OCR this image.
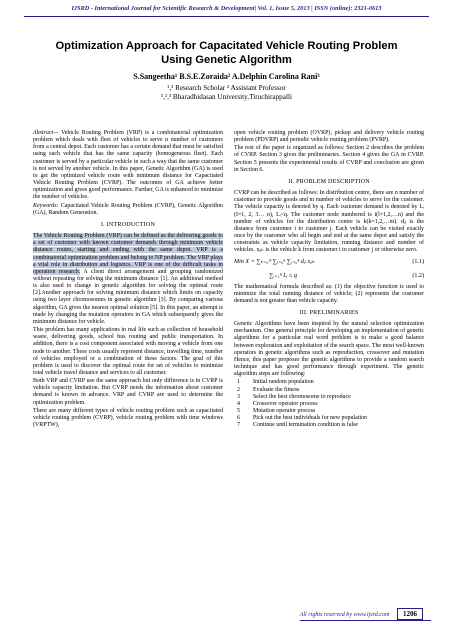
IJSRD - International Journal for Scientific Research & Development| Vol. 1, Issue 5, 2013 | ISSN (online): 2321-0613
Optimization Approach for Capacitated Vehicle Routing Problem Using Genetic Algorithm
S.Sangeetha¹ B.S.E.Zoraida² A.Delphin Carolina Rani³
¹,³ Research Scholar ² Assistant Professor
¹,²,³ Bharadhidasan University,Tiruchirappalli

Abstract— Vehicle Routing Problem (VRP) is a combinatorial optimization problem which deals with fleet of vehicles to serve n number of customers from a central depot. Each customer has a certain demand that must be satisfied using each vehicle that has the same capacity (homogeneous fleet). Each customer is served by a particular vehicle in such a way that the same customer is not served by another vehicle. In this paper, Genetic Algorithm (GA) is used to get the optimized vehicle route with minimum distance for Capacitated Vehicle Routing Problem (CVRP). The outcomes of GA achieve better optimization and gives good performance. Further, GA is enhanced to minimize the number of vehicles.

Keywords: Capacitated Vehicle Routing Problem (CVRP), Genetic Algorithm (GA), Random Generation.

I. INTRODUCTION

The Vehicle Routing Problem (VRP) can be defined as the delivering goods to a set of customer with known customer demands through minimum vehicle distance routes, starting and ending with the same depot. VRP is a combinatorial optimization problem and belong to NP problem. The VRP plays a vital role in distribution and logistics. VRP is one of the difficult tasks in operation research. A client direct arrangement and grouping randomized without repeating for solving the minimum distance [1]. An additional method is also used to change in genetic algorithm for solving the optimal route [2].Another approach for solving minimum distance which limits on capacity using two layer chromosomes in genetic algorithm [3]. By comparing various algorithm, GA gives the nearest optimal solution [5]. In this paper, an attempt is made by changing the mutation operators in GA which subsequently gives the minimum distance for vehicle.

This problem has many applications in real life such as collection of household waste, delivering goods, school bus routing and public transportation. In addition, there is a cost component associated with moving a vehicle from one node to another. These costs usually represent distance, travelling time, number of vehicles employed or a combination of these factors. The goal of this problem is used to discover the optimal route for set of vehicles to minimize total vehicle travel distance and services to all customer.

Both VRP and CVRP use the same approach but only difference is in CVRP is vehicle capacity limitation. But CVRP needs the information about customer demand is known in advance. VRP and CVRP are used to determine the optimization problem.

There are many different types of vehicle routing problem such as capacitated vehicle routing problem (CVRP), vehicle routing problem with time windows (VRPTW),

open vehicle routing problem (OVRP), pickup and delivery vehicle routing problem (PDVRP) and periodic vehicle routing problem (PVRP).

The rest of the paper is organized as follows: Section 2 describes the problem of CVRP. Section 3 gives the preliminaries. Section 4 gives the GA in CVRP. Section 5 presents the experimental results of CVRP and conclusion are given in Section 6.

II. PROBLEM DESCRIPTION

CVRP can be described as follows: In distribution centre, there are n number of customer to provide goods and m number of vehicles to serve for the customer. The vehicle capacity is denoted by q. Each customer demand is denoted by Lᵢ (I=1, 2, 3… n), Lᵢ<q. The customer node numbered is i(l=1,2,…n) and the number of vehicles for the distribution centre is k(k=1,2,…m). dᵢⱼ is the distance from customer i to customer j. Each vehicle can be visited exactly once by the customer who all begin and end at the same depot and satisfy the constraints as vehicle capacity limitation, running distance and number of vehicles. xᵢⱼₖ is the vehicle k from customer i to customer j or otherwise zero.

Min X = ∑ₖ₌₀ᵐ ∑ⱼ₌₀ⁿ ∑ᵢ₌₀ⁿ dᵢⱼ xᵢⱼₖ	(1.1)
∑ᵢ₌₁ⁿ Lᵢ ≤ q	(1.2)

The mathematical formula described as: (1) the objective function is used to minimize the total running distance of vehicle; (2) represents the customer demand is not greater than vehicle capacity.

III. PRELIMINARIES

Genetic Algorithms have been inspired by the natural selection optimization mechanism. One general principle for developing an implementation of genetic algorithms for a particular real word problem is to make a good balance between exploration and exploitation of the search space. The most well-known operators in genetic algorithms such as reproduction, crossover and mutation Hence, this paper proposes the genetic algorithms to provide a random search technique and has good performance through experiment. The genetic algorithm steps are following:

1	Initial random population
2	Evaluate the fitness
3	Select the best chromosome to reproduce
4	Crossover operator process
5	Mutation operator process
6	Pick out the best individuals for new population
7	Continue until termination condition is false
All rights reserved by www.ijsrd.com 1206
